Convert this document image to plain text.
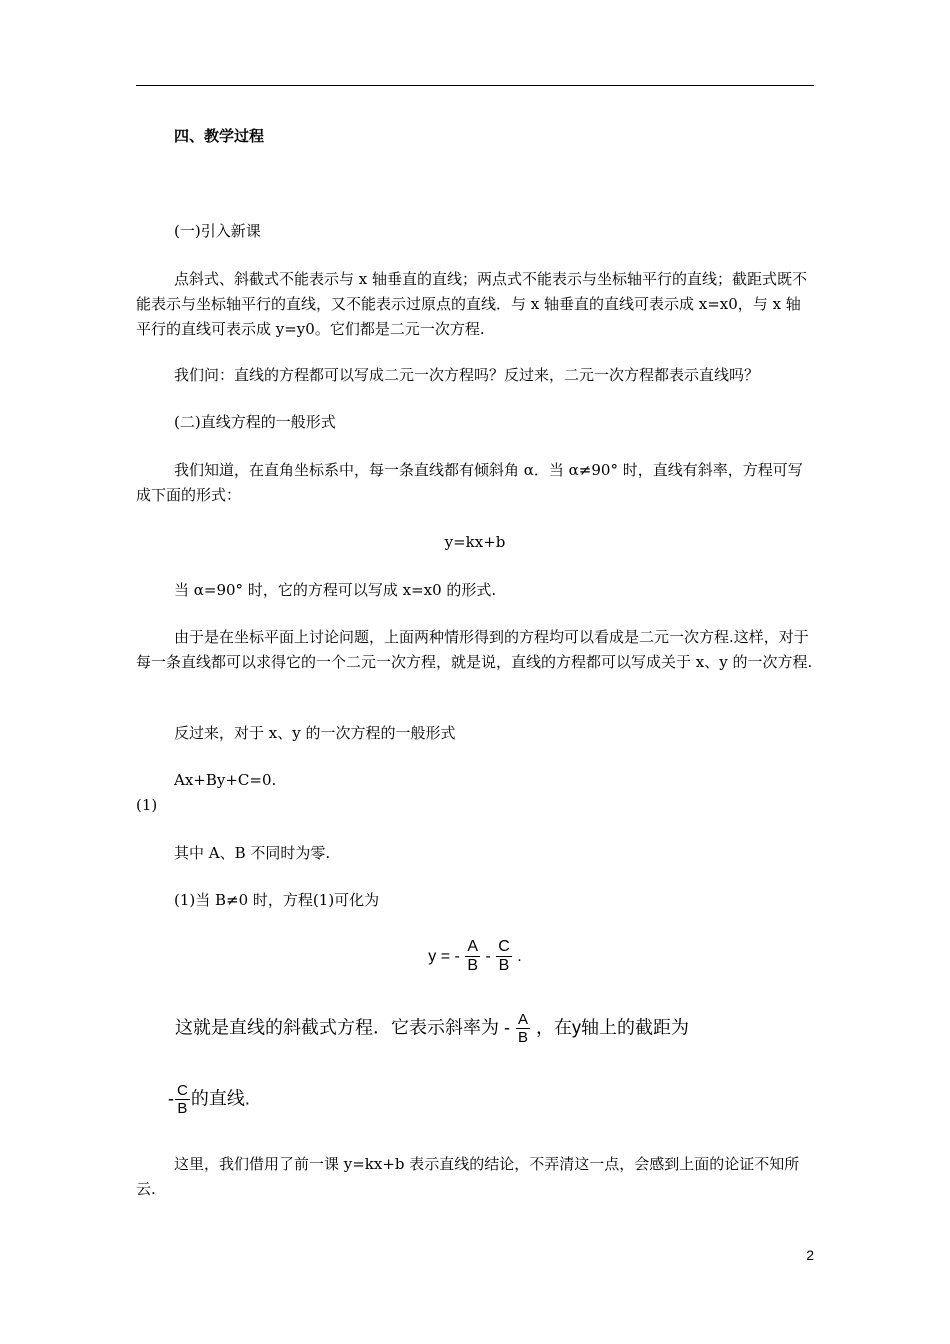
四、教学过程

(一)引入新课

点斜式、斜截式不能表示与 x 轴垂直的直线；两点式不能表示与坐标轴平行的直线；截距式既不能表示与坐标轴平行的直线，又不能表示过原点的直线．与 x 轴垂直的直线可表示成 x=x0，与 x 轴平行的直线可表示成 y=y0。它们都是二元一次方程.

我们问：直线的方程都可以写成二元一次方程吗？反过来，二元一次方程都表示直线吗？

(二)直线方程的一般形式

我们知道，在直角坐标系中，每一条直线都有倾斜角 α．当 α≠90° 时，直线有斜率，方程可写成下面的形式：

y=kx+b

当 α=90° 时，它的方程可以写成 x=x0 的形式.

由于是在坐标平面上讨论问题，上面两种情形得到的方程均可以看成是二元一次方程.这样，对于每一条直线都可以求得它的一个二元一次方程，就是说，直线的方程都可以写成关于 x、y 的一次方程.

反过来，对于 x、y 的一次方程的一般形式

Ax+By+C=0.

(1)

其中 A、B 不同时为零.

(1)当 B≠0 时，方程(1)可化为

y = - $\frac{A}{B} - \frac{C}{B}$ .
这就是直线的斜截式方程．它表示斜率为 - $\frac{A}{B}$ ，在y轴上的截距为
- $\frac{C}{B}$ 的直线.

这里，我们借用了前一课 y=kx+b 表示直线的结论，不弄清这一点，会感到上面的论证不知所云.

2
